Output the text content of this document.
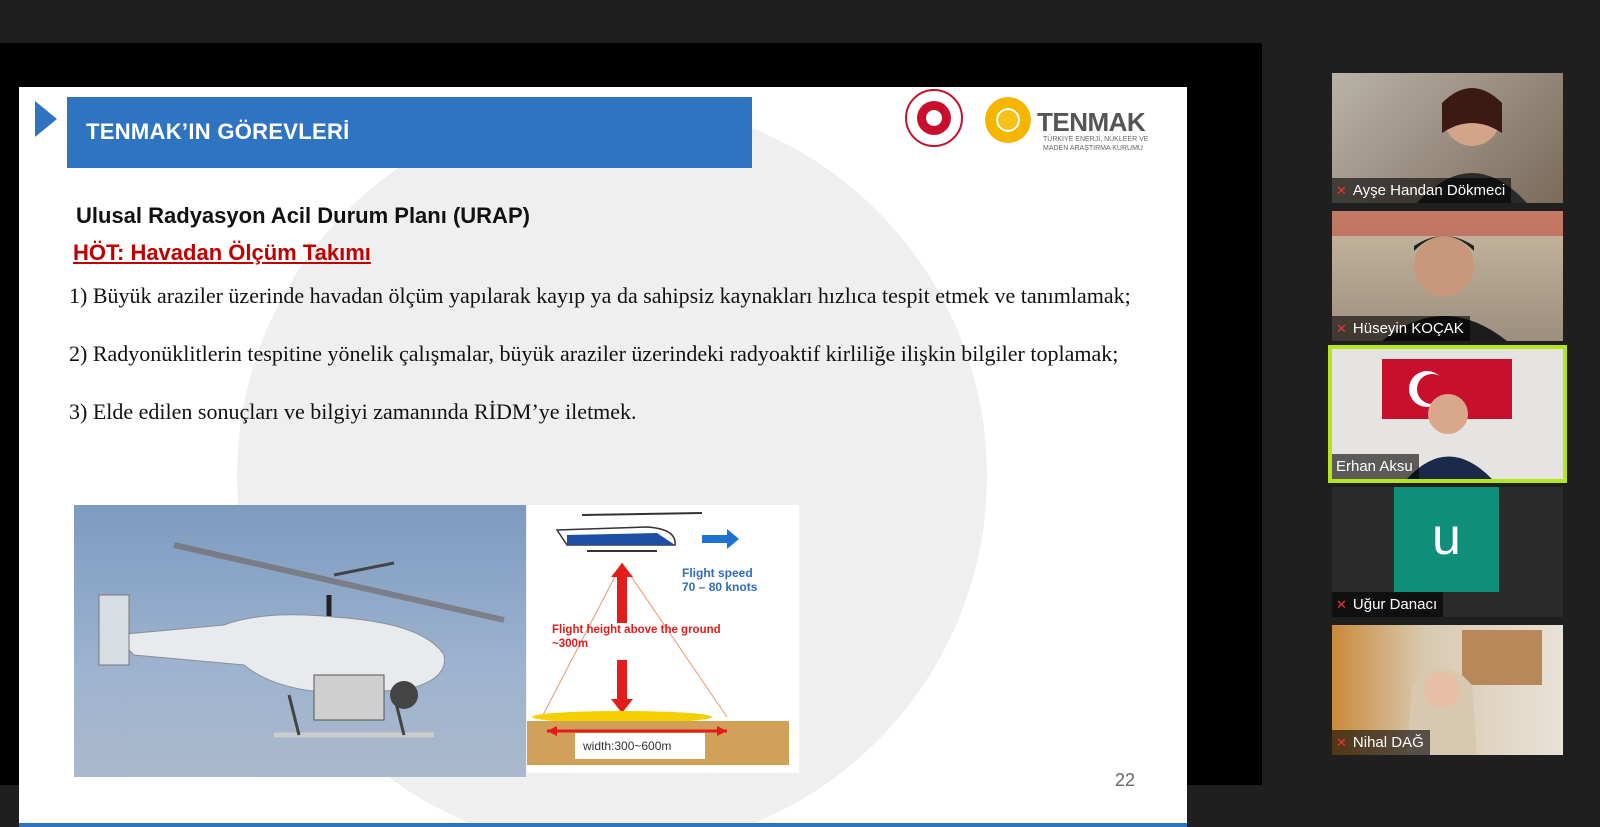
TENMAK’IN GÖREVLERİ	TENMAK
TÜRKİYE ENERJİ, NÜKLEER VE MADEN ARAŞTIRMA KURUMU
Ulusal Radyasyon Acil Durum Planı (URAP)
HÖT: Havadan Ölçüm Takımı

1) Büyük araziler üzerinde havadan ölçüm yapılarak kayıp ya da sahipsiz kaynakları hızlıca tespit etmek ve tanımlamak;

2) Radyonüklitlerin tespitine yönelik çalışmalar, büyük araziler üzerindeki radyoaktif kirliliğe ilişkin bilgiler toplamak;

3) Elde edilen sonuçları ve bilgiyi zamanında RİDM’ye iletmek.

Flight speed
70 – 80 knots
Flight height above the ground
~300m
width:300~600m
22
✕ Ayşe Handan Dökmeci
✕ Hüseyin KOÇAK
Erhan Aksu
u
✕ Uğur Danacı
✕ Nihal DAĞ
